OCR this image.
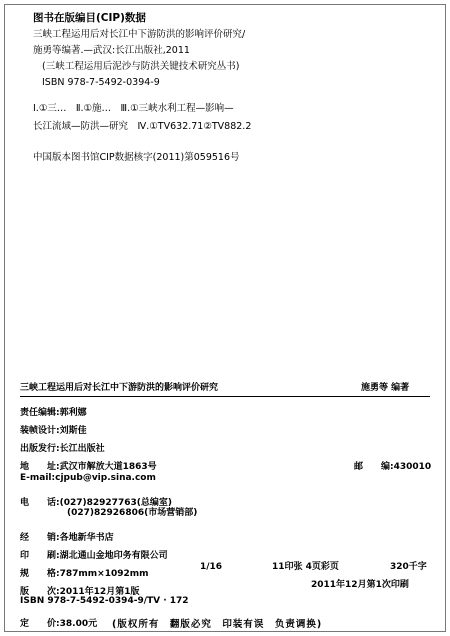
图书在版编目(CIP)数据
三峡工程运用后对长江中下游防洪的影响评价研究/
施勇等编著.—武汉:长江出版社,2011
(三峡工程运用后泥沙与防洪关键技术研究丛书)
ISBN 978-7-5492-0394-9
Ⅰ.①三…　Ⅱ.①施…　Ⅲ.①三峡水利工程—影响—
长江流域—防洪—研究　Ⅳ.①TV632.71②TV882.2
中国版本图书馆CIP数据核字(2011)第059516号
三峡工程运用后对长江中下游防洪的影响评价研究	施勇等 编著
责任编辑:郭利娜
装帧设计:刘斯佳
出版发行:长江出版社
地　　址:武汉市解放大道1863号	邮　　编:430010
E-mail:cjpub@vip.sina.com
电　　话:(027)82927763(总编室)
(027)82926806(市场营销部)
经　　销:各地新华书店
印　　刷:湖北通山金地印务有限公司
规　　格:787mm×1092mm
1/16	11印张 4页彩页	320千字
版　　次:2011年12月第1版
2011年12月第1次印刷
ISBN 978-7-5492-0394-9/TV · 172
定　　价:38.00元 (版权所有　翻版必究　印装有误　负责调换)
